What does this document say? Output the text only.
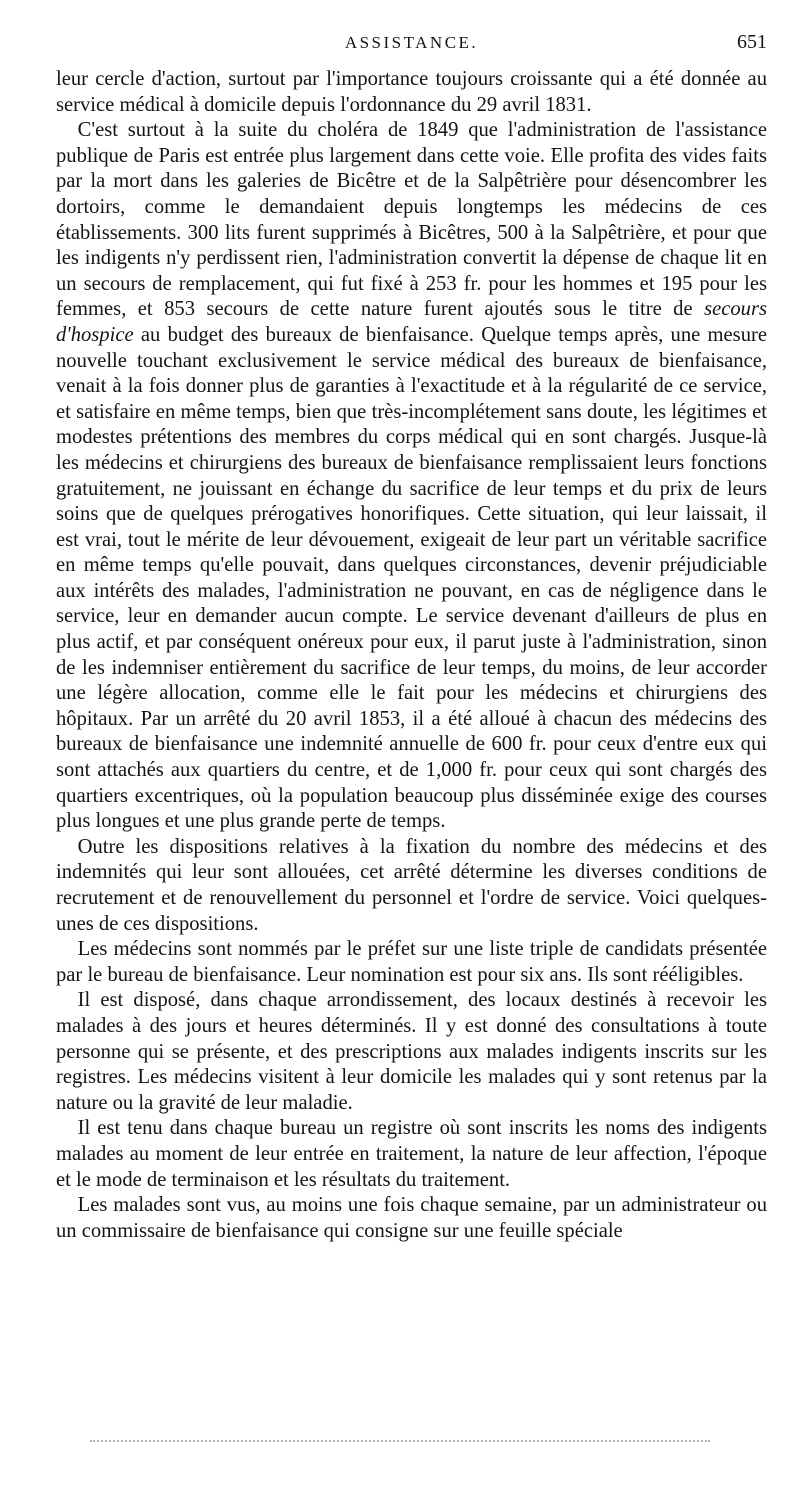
ASSISTANCE.	651

leur cercle d'action, surtout par l'importance toujours croissante qui a été donnée au service médical à domicile depuis l'ordonnance du 29 avril 1831.

C'est surtout à la suite du choléra de 1849 que l'administration de l'assistance publique de Paris est entrée plus largement dans cette voie. Elle profita des vides faits par la mort dans les galeries de Bicêtre et de la Salpêtrière pour désencombrer les dortoirs, comme le demandaient depuis longtemps les médecins de ces établissements. 300 lits furent supprimés à Bicêtres, 500 à la Salpêtrière, et pour que les indigents n'y perdissent rien, l'administration convertit la dépense de chaque lit en un secours de remplacement, qui fut fixé à 253 fr. pour les hommes et 195 pour les femmes, et 853 secours de cette nature furent ajoutés sous le titre de secours d'hospice au budget des bureaux de bienfaisance. Quelque temps après, une mesure nouvelle touchant exclusivement le service médical des bureaux de bienfaisance, venait à la fois donner plus de garanties à l'exactitude et à la régularité de ce service, et satisfaire en même temps, bien que très-incomplétement sans doute, les légitimes et modestes prétentions des membres du corps médical qui en sont chargés. Jusque-là les médecins et chirurgiens des bureaux de bienfaisance remplissaient leurs fonctions gratuitement, ne jouissant en échange du sacrifice de leur temps et du prix de leurs soins que de quelques prérogatives honorifiques. Cette situation, qui leur laissait, il est vrai, tout le mérite de leur dévouement, exigeait de leur part un véritable sacrifice en même temps qu'elle pouvait, dans quelques circonstances, devenir préjudiciable aux intérêts des malades, l'administration ne pouvant, en cas de négligence dans le service, leur en demander aucun compte. Le service devenant d'ailleurs de plus en plus actif, et par conséquent onéreux pour eux, il parut juste à l'administration, sinon de les indemniser entièrement du sacrifice de leur temps, du moins, de leur accorder une légère allocation, comme elle le fait pour les médecins et chirurgiens des hôpitaux. Par un arrêté du 20 avril 1853, il a été alloué à chacun des médecins des bureaux de bienfaisance une indemnité annuelle de 600 fr. pour ceux d'entre eux qui sont attachés aux quartiers du centre, et de 1,000 fr. pour ceux qui sont chargés des quartiers excentriques, où la population beaucoup plus disséminée exige des courses plus longues et une plus grande perte de temps.

Outre les dispositions relatives à la fixation du nombre des médecins et des indemnités qui leur sont allouées, cet arrêté détermine les diverses conditions de recrutement et de renouvellement du personnel et l'ordre de service. Voici quelques-unes de ces dispositions.

Les médecins sont nommés par le préfet sur une liste triple de candidats présentée par le bureau de bienfaisance. Leur nomination est pour six ans. Ils sont rééligibles.

Il est disposé, dans chaque arrondissement, des locaux destinés à recevoir les malades à des jours et heures déterminés. Il y est donné des consultations à toute personne qui se présente, et des prescriptions aux malades indigents inscrits sur les registres. Les médecins visitent à leur domicile les malades qui y sont retenus par la nature ou la gravité de leur maladie.

Il est tenu dans chaque bureau un registre où sont inscrits les noms des indigents malades au moment de leur entrée en traitement, la nature de leur affection, l'époque et le mode de terminaison et les résultats du traitement.

Les malades sont vus, au moins une fois chaque semaine, par un administrateur ou un commissaire de bienfaisance qui consigne sur une feuille spéciale
